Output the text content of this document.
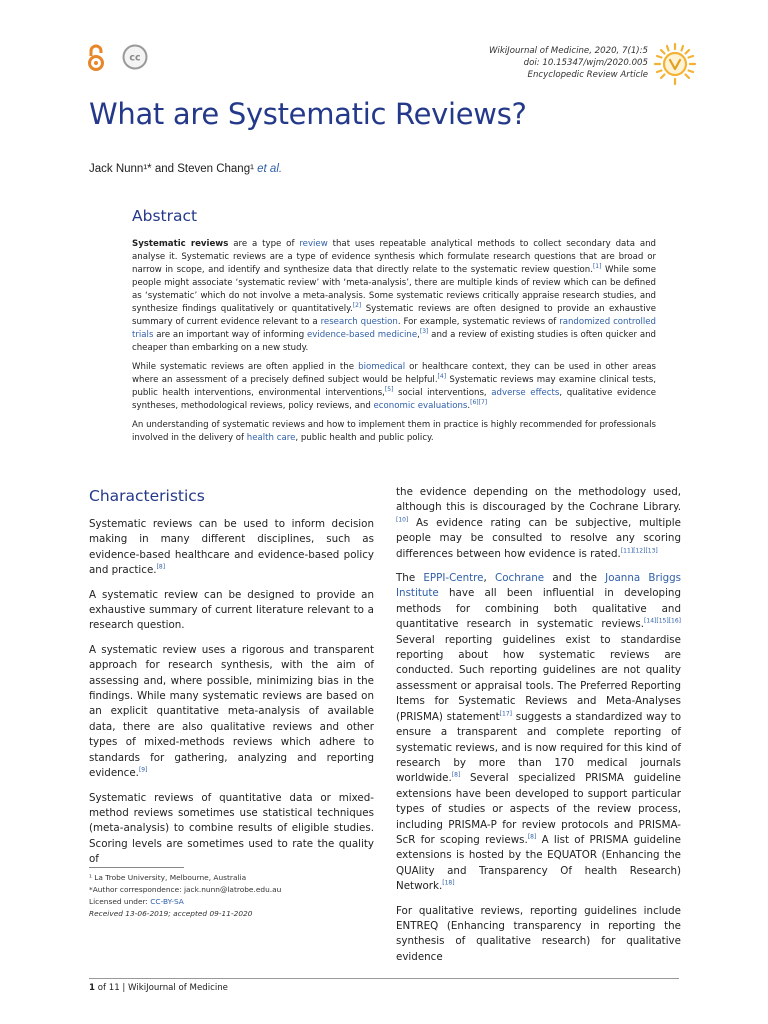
cc
WikiJournal of Medicine, 2020, 7(1):5
doi: 10.15347/wjm/2020.005
Encyclopedic Review Article
What are Systematic Reviews?
Jack Nunn¹* and Steven Chang¹ et al.
Abstract

Systematic reviews are a type of review that uses repeatable analytical methods to collect secondary data and analyse it. Systematic reviews are a type of evidence synthesis which formulate research questions that are broad or narrow in scope, and identify and synthesize data that directly relate to the systematic review question.[1] While some people might associate ‘systematic review’ with ‘meta-analysis’, there are multiple kinds of review which can be defined as ‘systematic’ which do not involve a meta-analysis. Some systematic reviews critically appraise research studies, and synthesize findings qualitatively or quantitatively.[2] Systematic reviews are often designed to provide an exhaustive summary of current evidence relevant to a research question. For example, systematic reviews of randomized controlled trials are an important way of informing evidence-based medicine,[3] and a review of existing studies is often quicker and cheaper than embarking on a new study.

While systematic reviews are often applied in the biomedical or healthcare context, they can be used in other areas where an assessment of a precisely defined subject would be helpful.[4] Systematic reviews may examine clinical tests, public health interventions, environmental interventions,[5] social interventions, adverse effects, qualitative evidence syntheses, methodological reviews, policy reviews, and economic evaluations.[6][7]

An understanding of systematic reviews and how to implement them in practice is highly recommended for professionals involved in the delivery of health care, public health and public policy.

Characteristics

Systematic reviews can be used to inform decision making in many different disciplines, such as evidence-based healthcare and evidence-based policy and practice.[8]

A systematic review can be designed to provide an exhaustive summary of current literature relevant to a research question.

A systematic review uses a rigorous and transparent approach for research synthesis, with the aim of assessing and, where possible, minimizing bias in the findings. While many systematic reviews are based on an explicit quantitative meta-analysis of available data, there are also qualitative reviews and other types of mixed-methods reviews which adhere to standards for gathering, analyzing and reporting evidence.[9]

Systematic reviews of quantitative data or mixed-method reviews sometimes use statistical techniques (meta-analysis) to combine results of eligible studies. Scoring levels are sometimes used to rate the quality of

the evidence depending on the methodology used, although this is discouraged by the Cochrane Library.[10] As evidence rating can be subjective, multiple people may be consulted to resolve any scoring differences between how evidence is rated.[11][12][13]

The EPPI-Centre, Cochrane and the Joanna Briggs Institute have all been influential in developing methods for combining both qualitative and quantitative research in systematic reviews.[14][15][16] Several reporting guidelines exist to standardise reporting about how systematic reviews are conducted. Such reporting guidelines are not quality assessment or appraisal tools. The Preferred Reporting Items for Systematic Reviews and Meta-Analyses (PRISMA) statement[17] suggests a standardized way to ensure a transparent and complete reporting of systematic reviews, and is now required for this kind of research by more than 170 medical journals worldwide.[8] Several specialized PRISMA guideline extensions have been developed to support particular types of studies or aspects of the review process, including PRISMA-P for review protocols and PRISMA-ScR for scoping reviews.[8] A list of PRISMA guideline extensions is hosted by the EQUATOR (Enhancing the QUAlity and Transparency Of health Research) Network.[18]

For qualitative reviews, reporting guidelines include ENTREQ (Enhancing transparency in reporting the synthesis of qualitative research) for qualitative evidence

¹ La Trobe University, Melbourne, Australia
*Author correspondence: jack.nunn@latrobe.edu.au
Licensed under: CC-BY-SA
Received 13-06-2019; accepted 09-11-2020
1 of 11 | WikiJournal of Medicine
